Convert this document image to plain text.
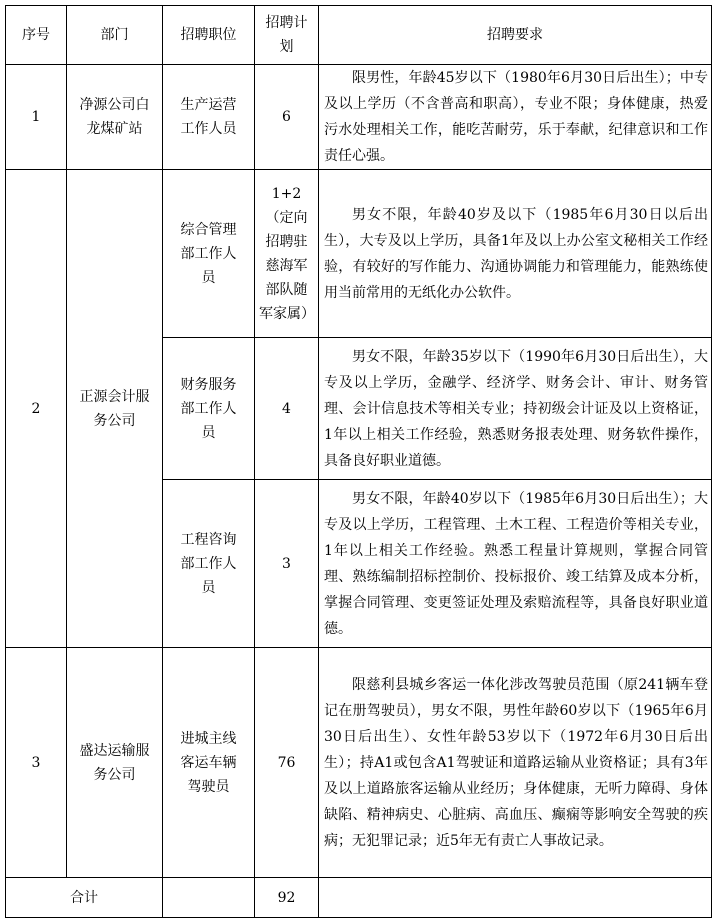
序号	部门	招聘职位	招聘计划	招聘要求
1	净源公司白龙煤矿站	生产运营工作人员	6	限男性，年龄45岁以下（1980年6月30日后出生）；中专及以上学历（不含普高和职高），专业不限；身体健康，热爱污水处理相关工作，能吃苦耐劳，乐于奉献，纪律意识和工作责任心强。
2	正源会计服务公司	综合管理部工作人员	1+2（定向招聘驻慈海军部队随军家属）	男女不限，年龄40岁及以下（1985年6月30日以后出生），大专及以上学历，具备1年及以上办公室文秘相关工作经验，有较好的写作能力、沟通协调能力和管理能力，能熟练使用当前常用的无纸化办公软件。
		财务服务部工作人员	4	男女不限，年龄35岁以下（1990年6月30日后出生），大专及以上学历，金融学、经济学、财务会计、审计、财务管理、会计信息技术等相关专业；持初级会计证及以上资格证，1年以上相关工作经验，熟悉财务报表处理、财务软件操作，具备良好职业道德。
		工程咨询部工作人员	3	男女不限，年龄40岁以下（1985年6月30日后出生）；大专及以上学历，工程管理、土木工程、工程造价等相关专业，1年以上相关工作经验。熟悉工程量计算规则，掌握合同管理、熟练编制招标控制价、投标报价、竣工结算及成本分析，掌握合同管理、变更签证处理及索赔流程等，具备良好职业道德。
3	盛达运输服务公司	进城主线客运车辆驾驶员	76	限慈利县城乡客运一体化涉改驾驶员范围（原241辆车登记在册驾驶员），男女不限，男性年龄60岁以下（1965年6月30日后出生）、女性年龄53岁以下（1972年6月30日后出生）；持A1或包含A1驾驶证和道路运输从业资格证；具有3年及以上道路旅客运输从业经历；身体健康，无听力障碍、身体缺陷、精神病史、心脏病、高血压、癫痫等影响安全驾驶的疾病；无犯罪记录；近5年无有责亡人事故记录。
合计			92	
